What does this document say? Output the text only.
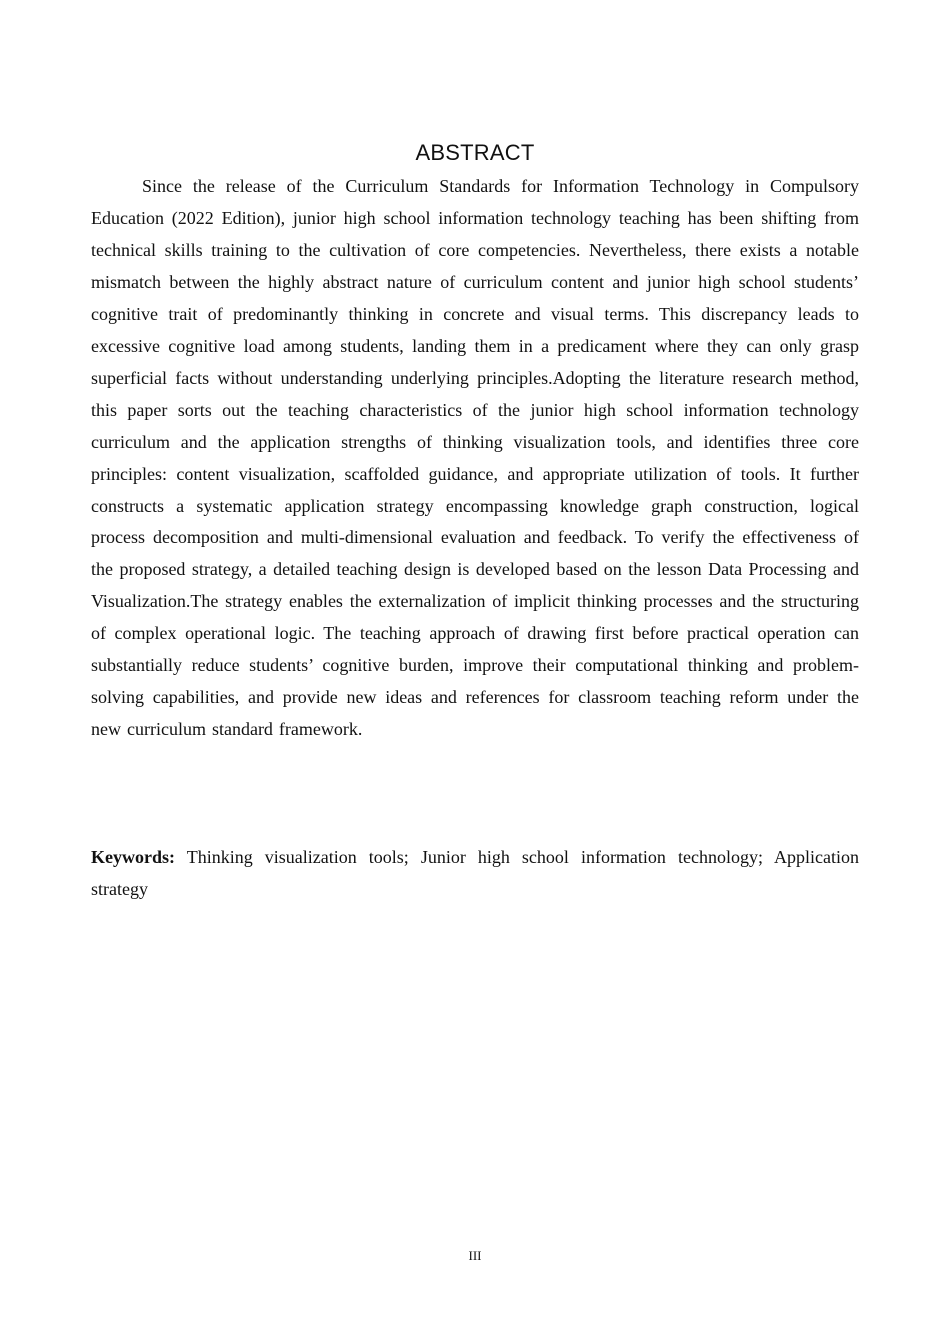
ABSTRACT

Since the release of the Curriculum Standards for Information Technology in Compulsory Education (2022 Edition), junior high school information technology teaching has been shifting from technical skills training to the cultivation of core competencies. Nevertheless, there exists a notable mismatch between the highly abstract nature of curriculum content and junior high school students’ cognitive trait of predominantly thinking in concrete and visual terms. This discrepancy leads to excessive cognitive load among students, landing them in a predicament where they can only grasp superficial facts without understanding underlying principles.Adopting the literature research method, this paper sorts out the teaching characteristics of the junior high school information technology curriculum and the application strengths of thinking visualization tools, and identifies three core principles: content visualization, scaffolded guidance, and appropriate utilization of tools. It further constructs a systematic application strategy encompassing knowledge graph construction, logical process decomposition and multi-dimensional evaluation and feedback. To verify the effectiveness of the proposed strategy, a detailed teaching design is developed based on the lesson Data Processing and Visualization.The strategy enables the externalization of implicit thinking processes and the structuring of complex operational logic. The teaching approach of drawing first before practical operation can substantially reduce students’ cognitive burden, improve their computational thinking and problem-solving capabilities, and provide new ideas and references for classroom teaching reform under the new curriculum standard framework.

Keywords: Thinking visualization tools; Junior high school information technology; Application strategy

III
